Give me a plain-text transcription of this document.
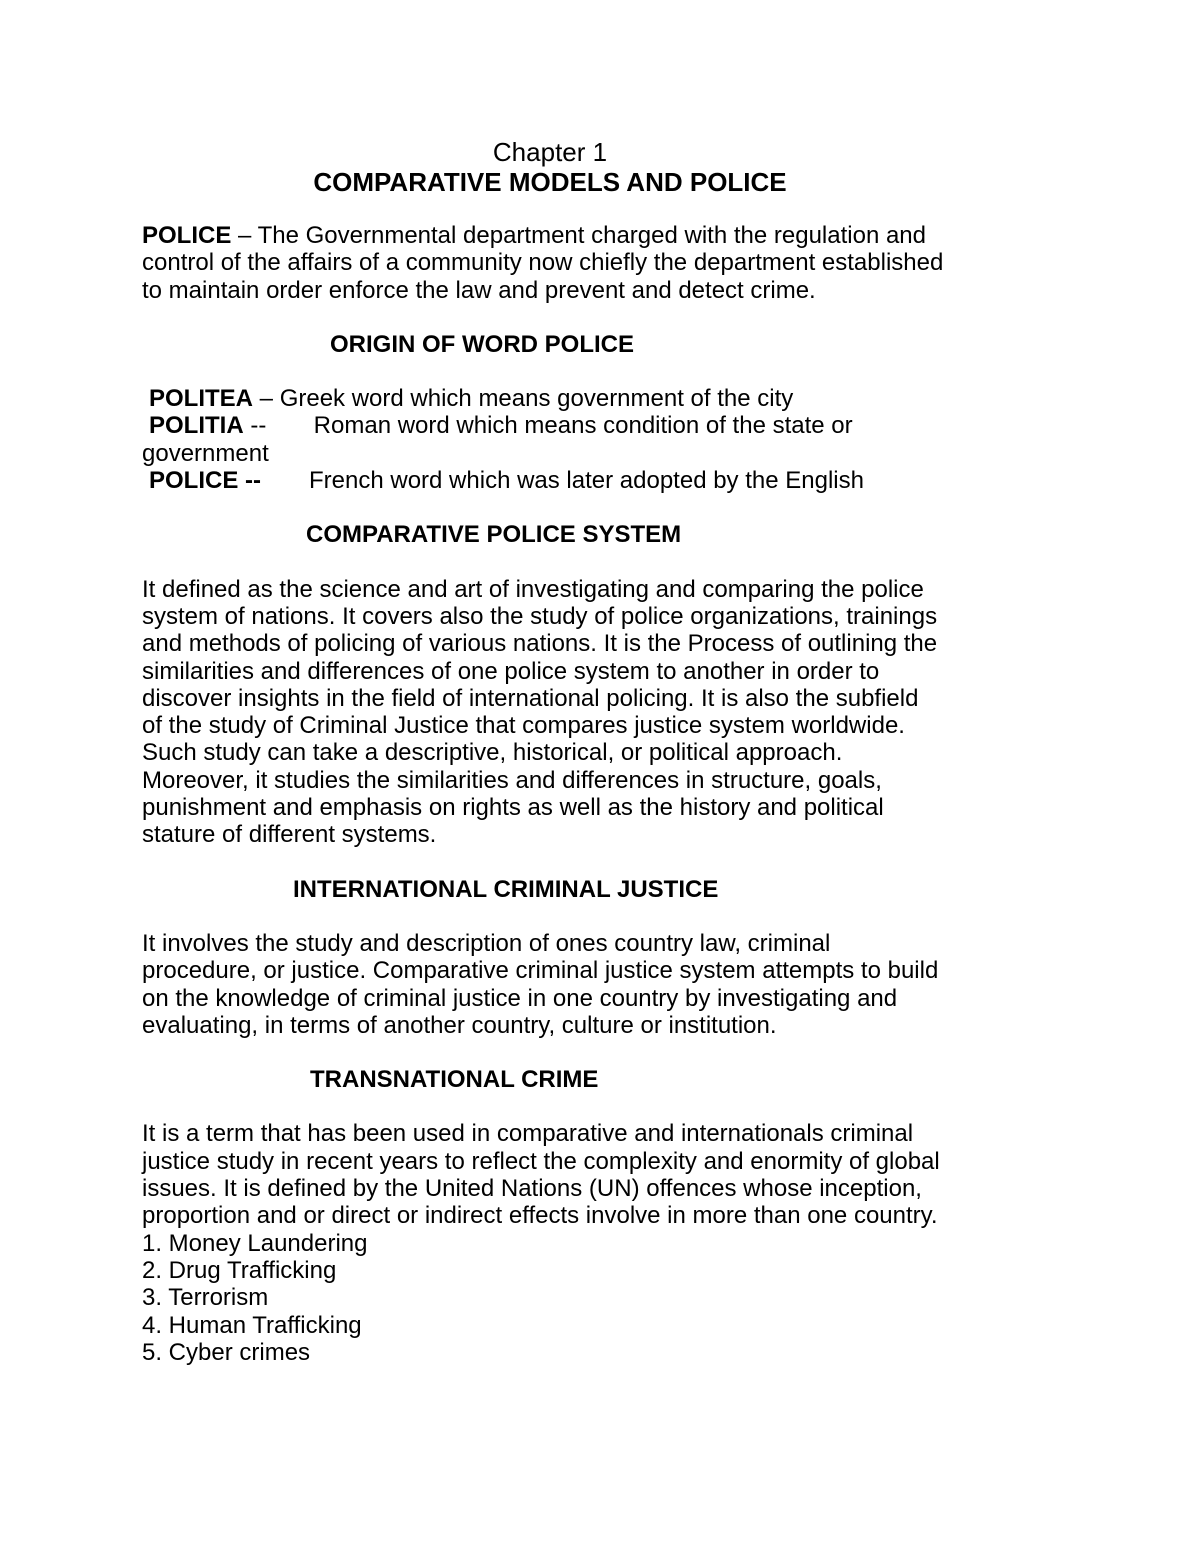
Chapter 1
COMPARATIVE MODELS AND POLICE

POLICE – The Governmental department charged with the regulation and

control of the affairs of a community now chiefly the department established

to maintain order enforce the law and prevent and detect crime.

ORIGIN OF WORD POLICE
POLITEA – Greek word which means government of the city
POLITIA --	Roman word which means condition of the state or
government
POLICE --	French word which was later adopted by the English
COMPARATIVE POLICE SYSTEM

It defined as the science and art of investigating and comparing the police

system of nations. It covers also the study of police organizations, trainings

and methods of policing of various nations. It is the Process of outlining the

similarities and differences of one police system to another in order to

discover insights in the field of international policing. It is also the subfield

of the study of Criminal Justice that compares justice system worldwide.

Such study can take a descriptive, historical, or political approach.

Moreover, it studies the similarities and differences in structure, goals,

punishment and emphasis on rights as well as the history and political

stature of different systems.

INTERNATIONAL CRIMINAL JUSTICE

It involves the study and description of ones country law, criminal

procedure, or justice. Comparative criminal justice system attempts to build

on the knowledge of criminal justice in one country by investigating and

evaluating, in terms of another country, culture or institution.

TRANSNATIONAL CRIME

It is a term that has been used in comparative and internationals criminal

justice study in recent years to reflect the complexity and enormity of global

issues. It is defined by the United Nations (UN) offences whose inception,

proportion and or direct or indirect effects involve in more than one country.

1. Money Laundering
2. Drug Trafficking
3. Terrorism
4. Human Trafficking
5. Cyber crimes
